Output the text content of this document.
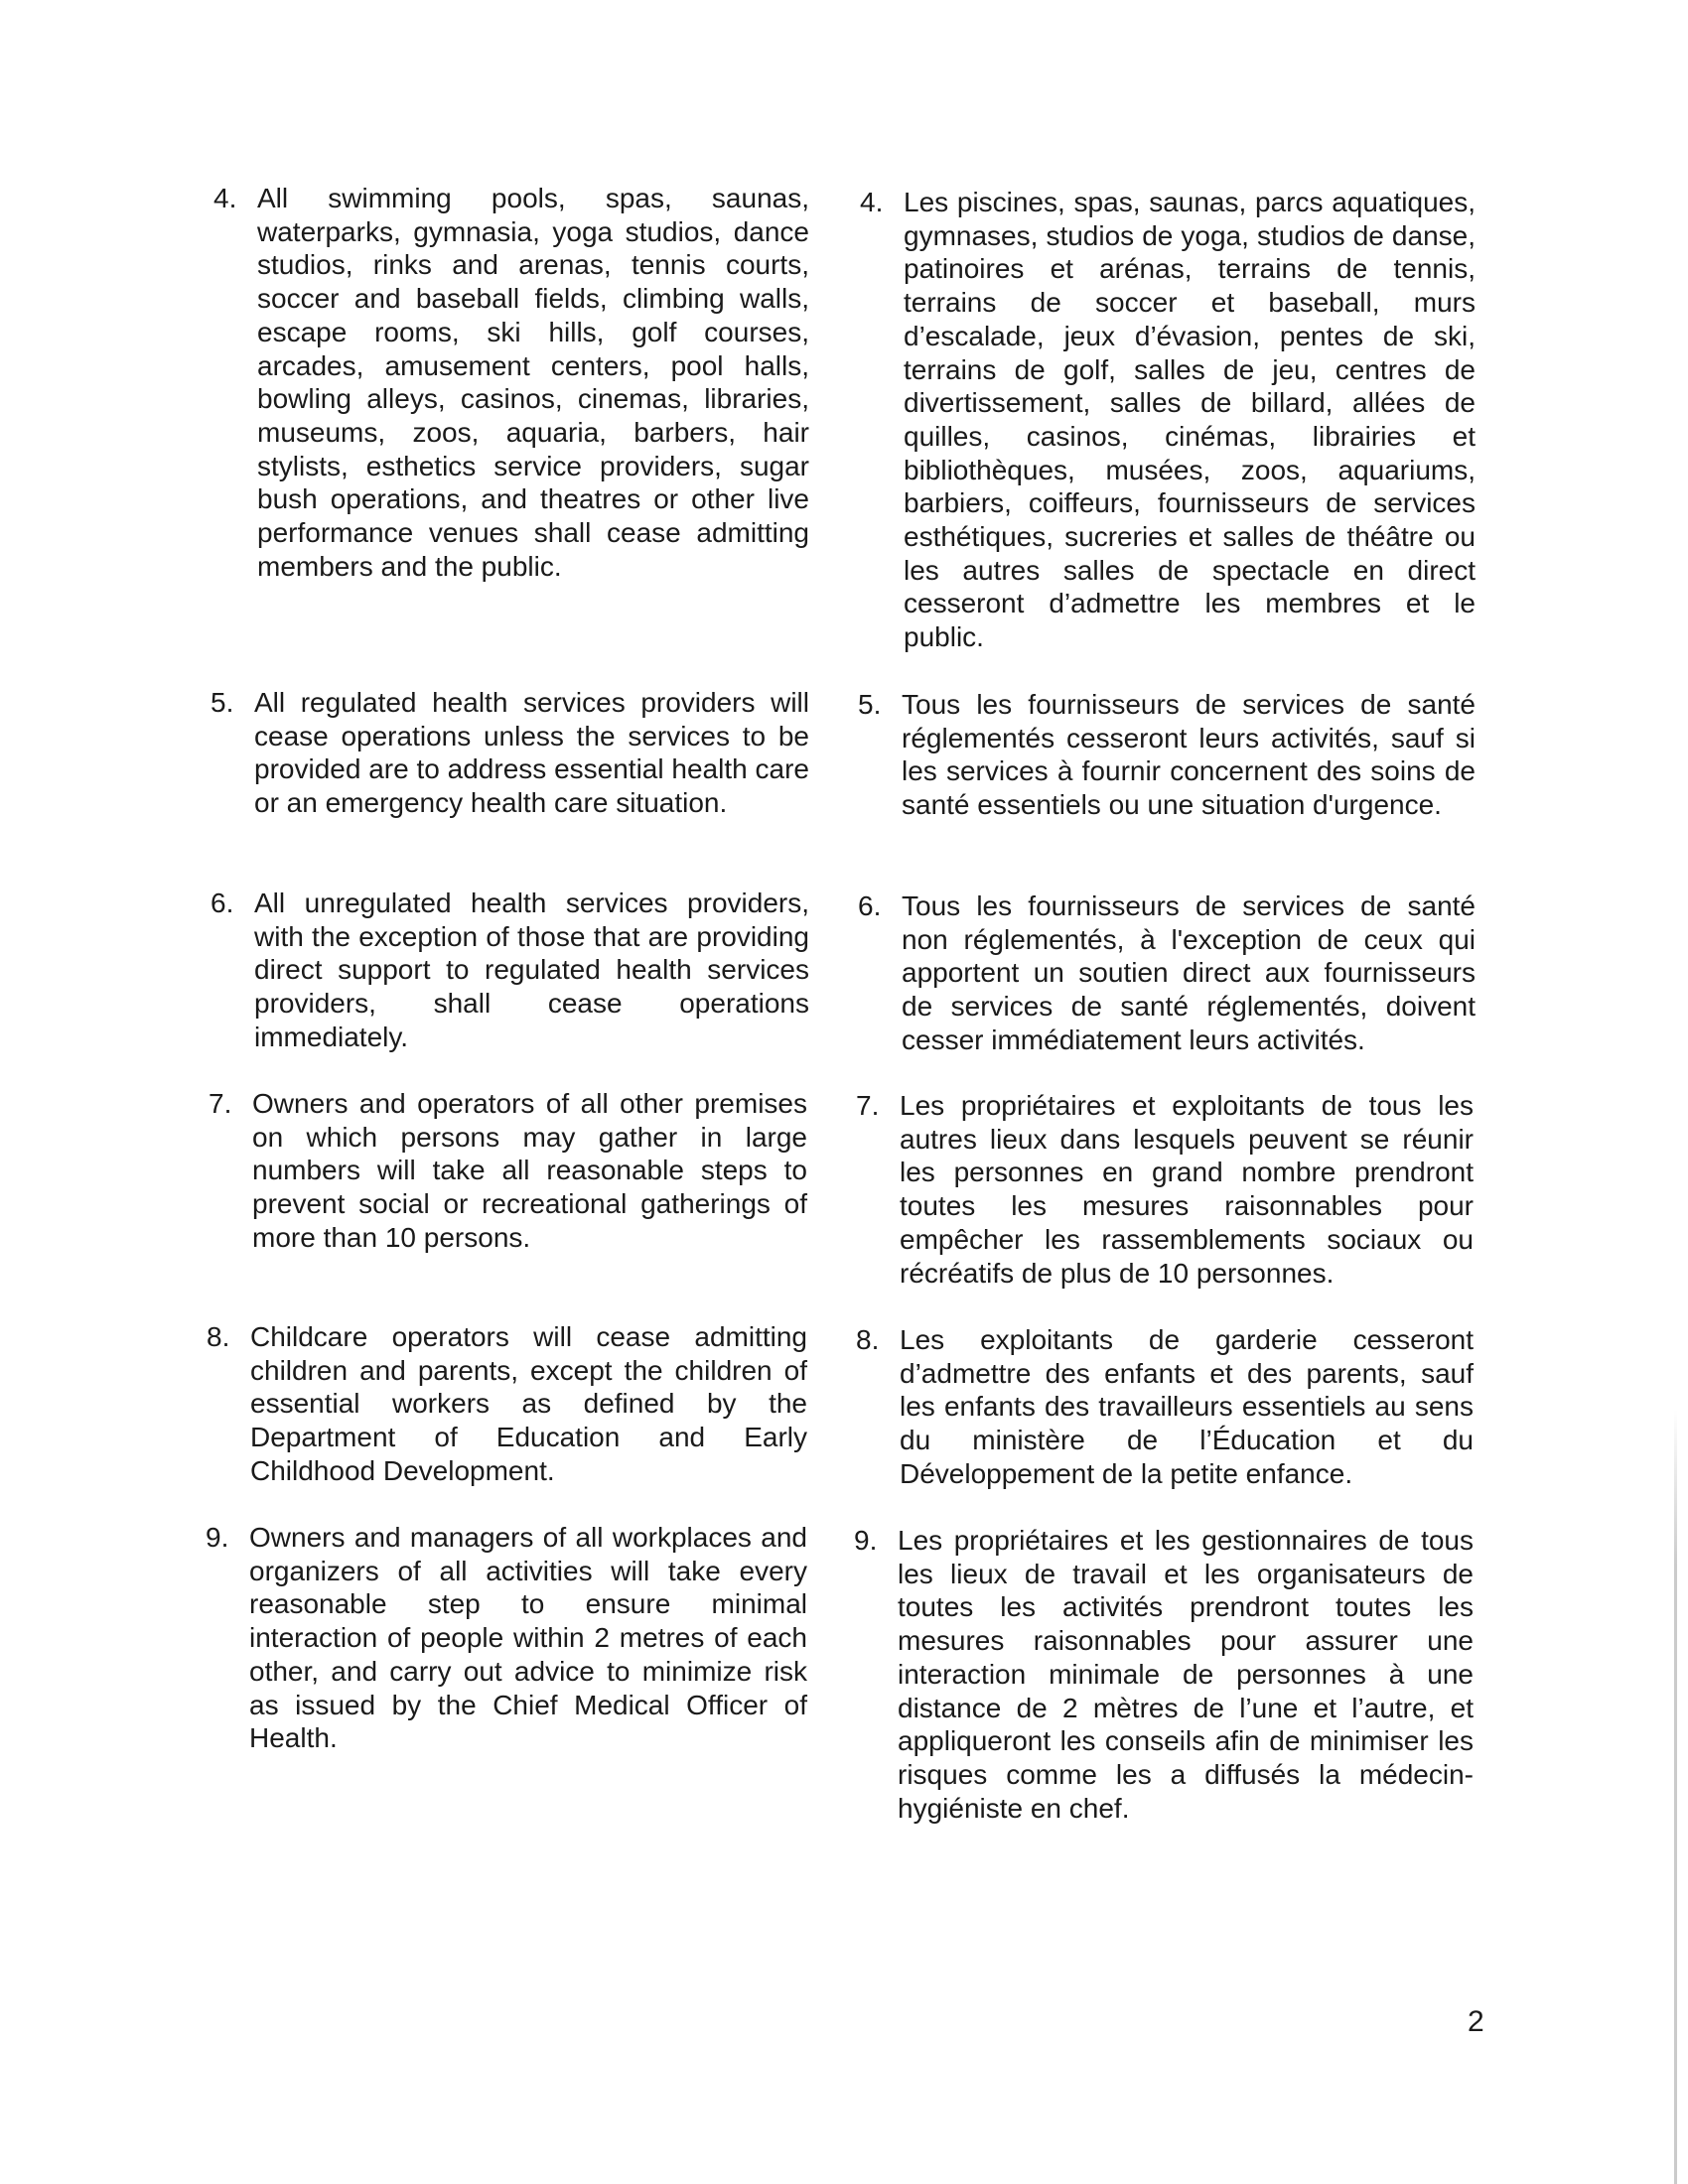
4. All swimming pools, spas, saunas, waterparks, gymnasia, yoga studios, dance studios, rinks and arenas, tennis courts, soccer and baseball fields, climbing walls, escape rooms, ski hills, golf courses, arcades, amusement centers, pool halls, bowling alleys, casinos, cinemas, libraries, museums, zoos, aquaria, barbers, hair stylists, esthetics service providers, sugar bush operations, and theatres or other live performance venues shall cease admitting members and the public.
5. All regulated health services providers will cease operations unless the services to be provided are to address essential health care or an emergency health care situation.
6. All unregulated health services providers, with the exception of those that are providing direct support to regulated health services providers, shall cease operations immediately.
7. Owners and operators of all other premises on which persons may gather in large numbers will take all reasonable steps to prevent social or recreational gatherings of more than 10 persons.
8. Childcare operators will cease admitting children and parents, except the children of essential workers as defined by the Department of Education and Early Childhood Development.
9. Owners and managers of all workplaces and organizers of all activities will take every reasonable step to ensure minimal interaction of people within 2 metres of each other, and carry out advice to minimize risk as issued by the Chief Medical Officer of Health.
4. Les piscines, spas, saunas, parcs aquatiques, gymnases, studios de yoga, studios de danse, patinoires et arénas, terrains de tennis, terrains de soccer et baseball, murs d’escalade, jeux d’évasion, pentes de ski, terrains de golf, salles de jeu, centres de divertissement, salles de billard, allées de quilles, casinos, cinémas, librairies et bibliothèques, musées, zoos, aquariums, barbiers, coiffeurs, fournisseurs de services esthétiques, sucreries et salles de théâtre ou les autres salles de spectacle en direct cesseront d’admettre les membres et le public.
5. Tous les fournisseurs de services de santé réglementés cesseront leurs activités, sauf si les services à fournir concernent des soins de santé essentiels ou une situation d'urgence.
6. Tous les fournisseurs de services de santé non réglementés, à l'exception de ceux qui apportent un soutien direct aux fournisseurs de services de santé réglementés, doivent cesser immédiatement leurs activités.
7. Les propriétaires et exploitants de tous les autres lieux dans lesquels peuvent se réunir les personnes en grand nombre prendront toutes les mesures raisonnables pour empêcher les rassemblements sociaux ou récréatifs de plus de 10 personnes.
8. Les exploitants de garderie cesseront d’admettre des enfants et des parents, sauf les enfants des travailleurs essentiels au sens du ministère de l’Éducation et du Développement de la petite enfance.
9. Les propriétaires et les gestionnaires de tous les lieux de travail et les organisateurs de toutes les activités prendront toutes les mesures raisonnables pour assurer une interaction minimale de personnes à une distance de 2 mètres de l’une et l’autre, et appliqueront les conseils afin de minimiser les risques comme les a diffusés la médecin-hygiéniste en chef.
2
